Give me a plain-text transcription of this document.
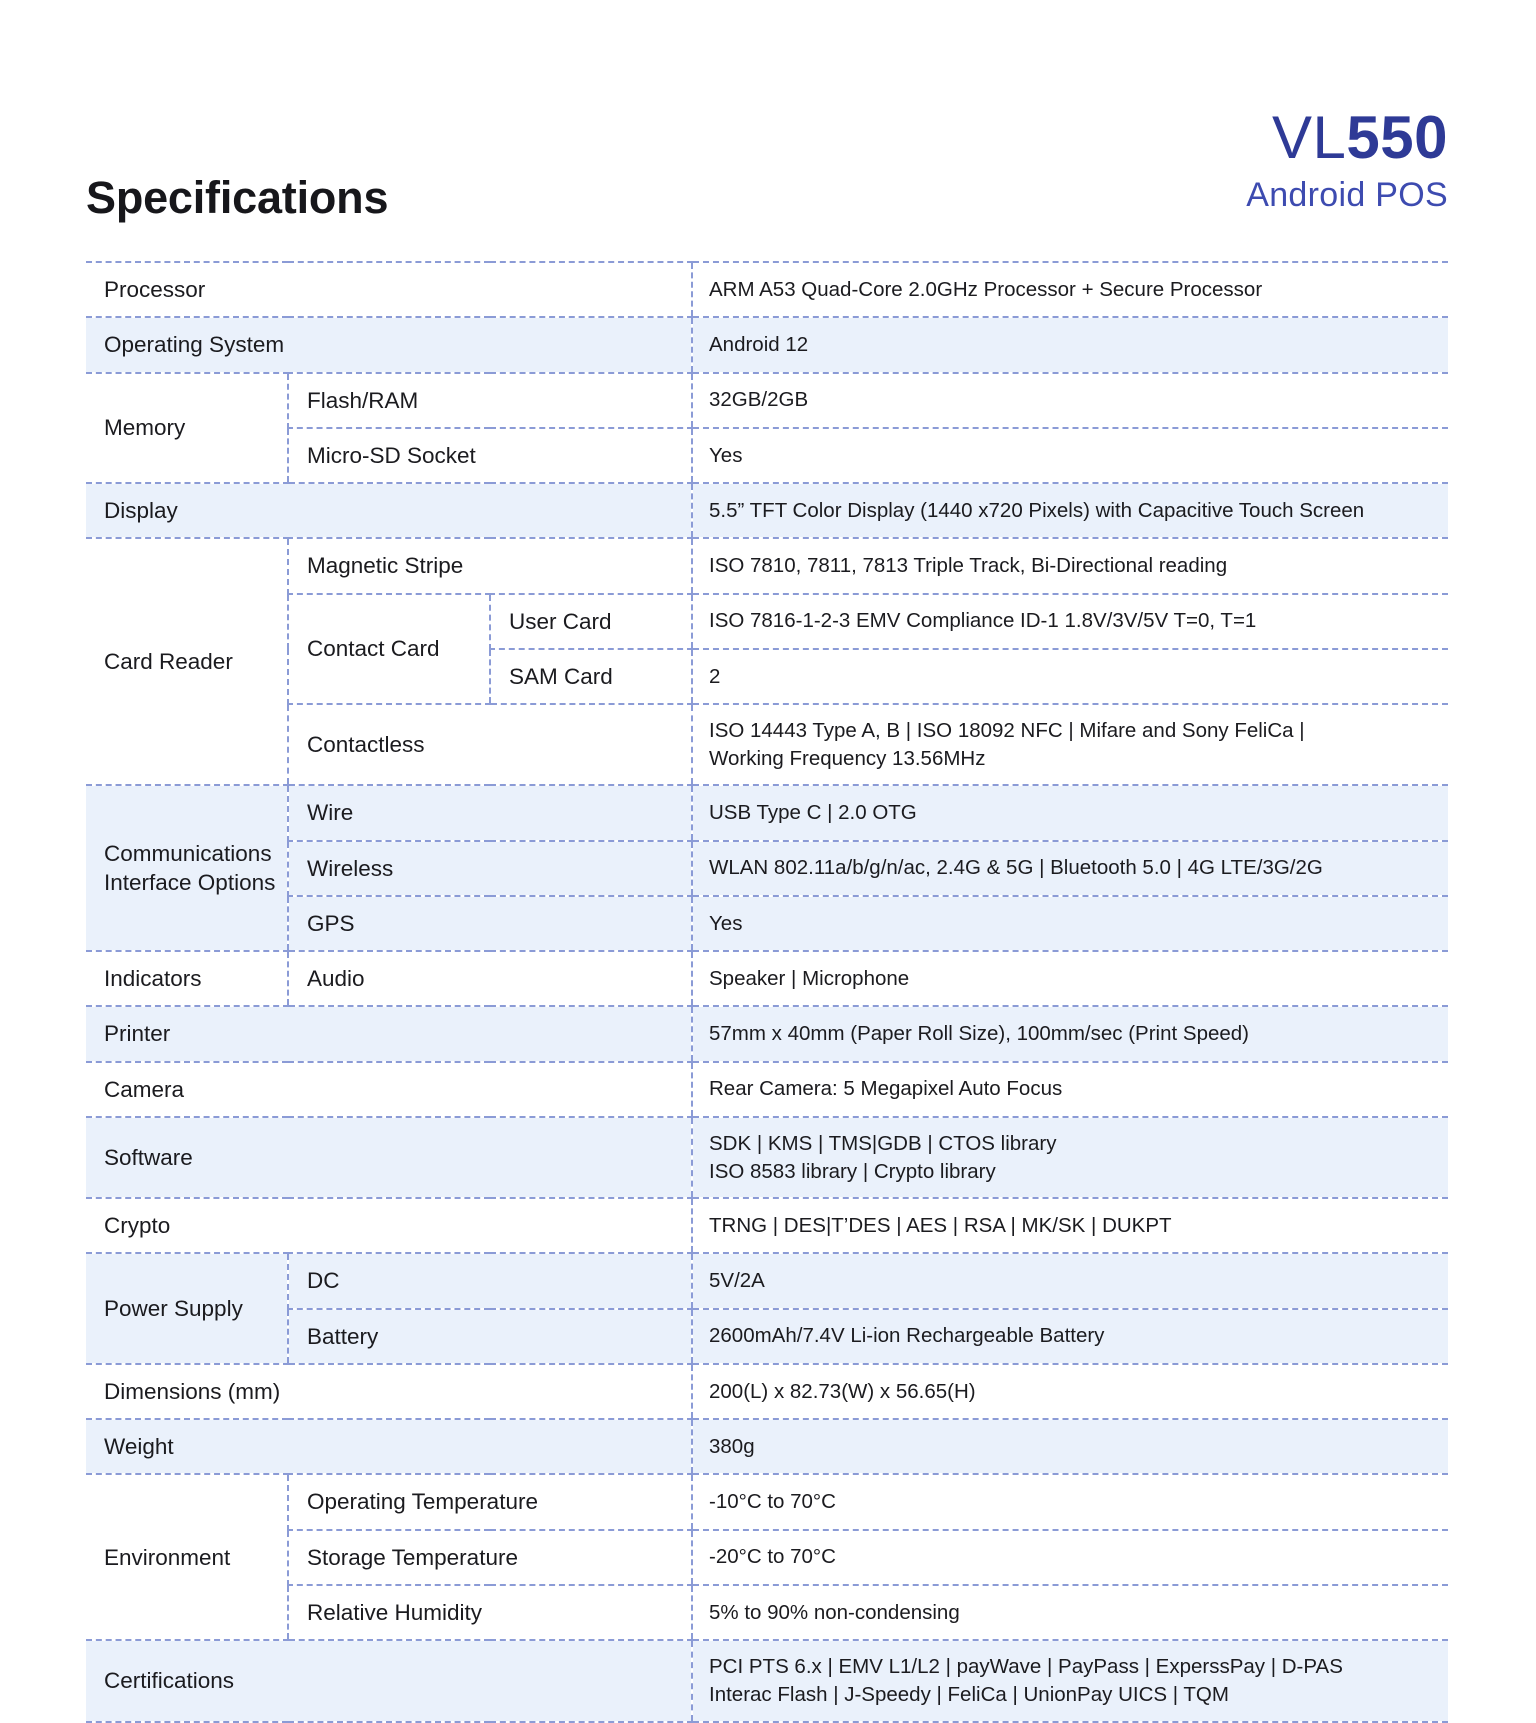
VL550
Android POS
Specifications
Processor			ARM A53 Quad-Core 2.0GHz Processor + Secure Processor
Operating System			Android 12
Memory	Flash/RAM		32GB/2GB
	Micro-SD Socket		Yes
Display			5.5” TFT Color Display (1440 x720 Pixels) with Capacitive Touch Screen
Card Reader	Magnetic Stripe		ISO 7810, 7811, 7813 Triple Track, Bi-Directional reading
	Contact Card	User Card	ISO 7816-1-2-3 EMV Compliance ID-1 1.8V/3V/5V T=0, T=1
		SAM Card	2
	Contactless		ISO 14443 Type A, B | ISO 18092 NFC | Mifare and Sony FeliCa |
Working Frequency 13.56MHz

Communications
Interface Options	Wire		USB Type C | 2.0 OTG
	Wireless		WLAN 802.11a/b/g/n/ac, 2.4G & 5G | Bluetooth 5.0 | 4G LTE/3G/2G
	GPS		Yes
Indicators	Audio		Speaker | Microphone
Printer			57mm x 40mm (Paper Roll Size), 100mm/sec (Print Speed)
Camera			Rear Camera: 5 Megapixel Auto Focus
Software			SDK | KMS | TMS|GDB | CTOS library
ISO 8583 library | Crypto library

Crypto			TRNG | DES|T’DES | AES | RSA | MK/SK | DUKPT
Power Supply	DC		5V/2A
	Battery		2600mAh/7.4V Li-ion Rechargeable Battery
Dimensions (mm)			200(L) x 82.73(W) x 56.65(H)
Weight			380g
Environment	Operating Temperature		-10°C to 70°C
	Storage Temperature		-20°C to 70°C
	Relative Humidity		5% to 90% non-condensing
Certifications			PCI PTS 6.x | EMV L1/L2 | payWave | PayPass | ExperssPay | D-PAS
Interac Flash | J-Speedy | FeliCa | UnionPay UICS | TQM
